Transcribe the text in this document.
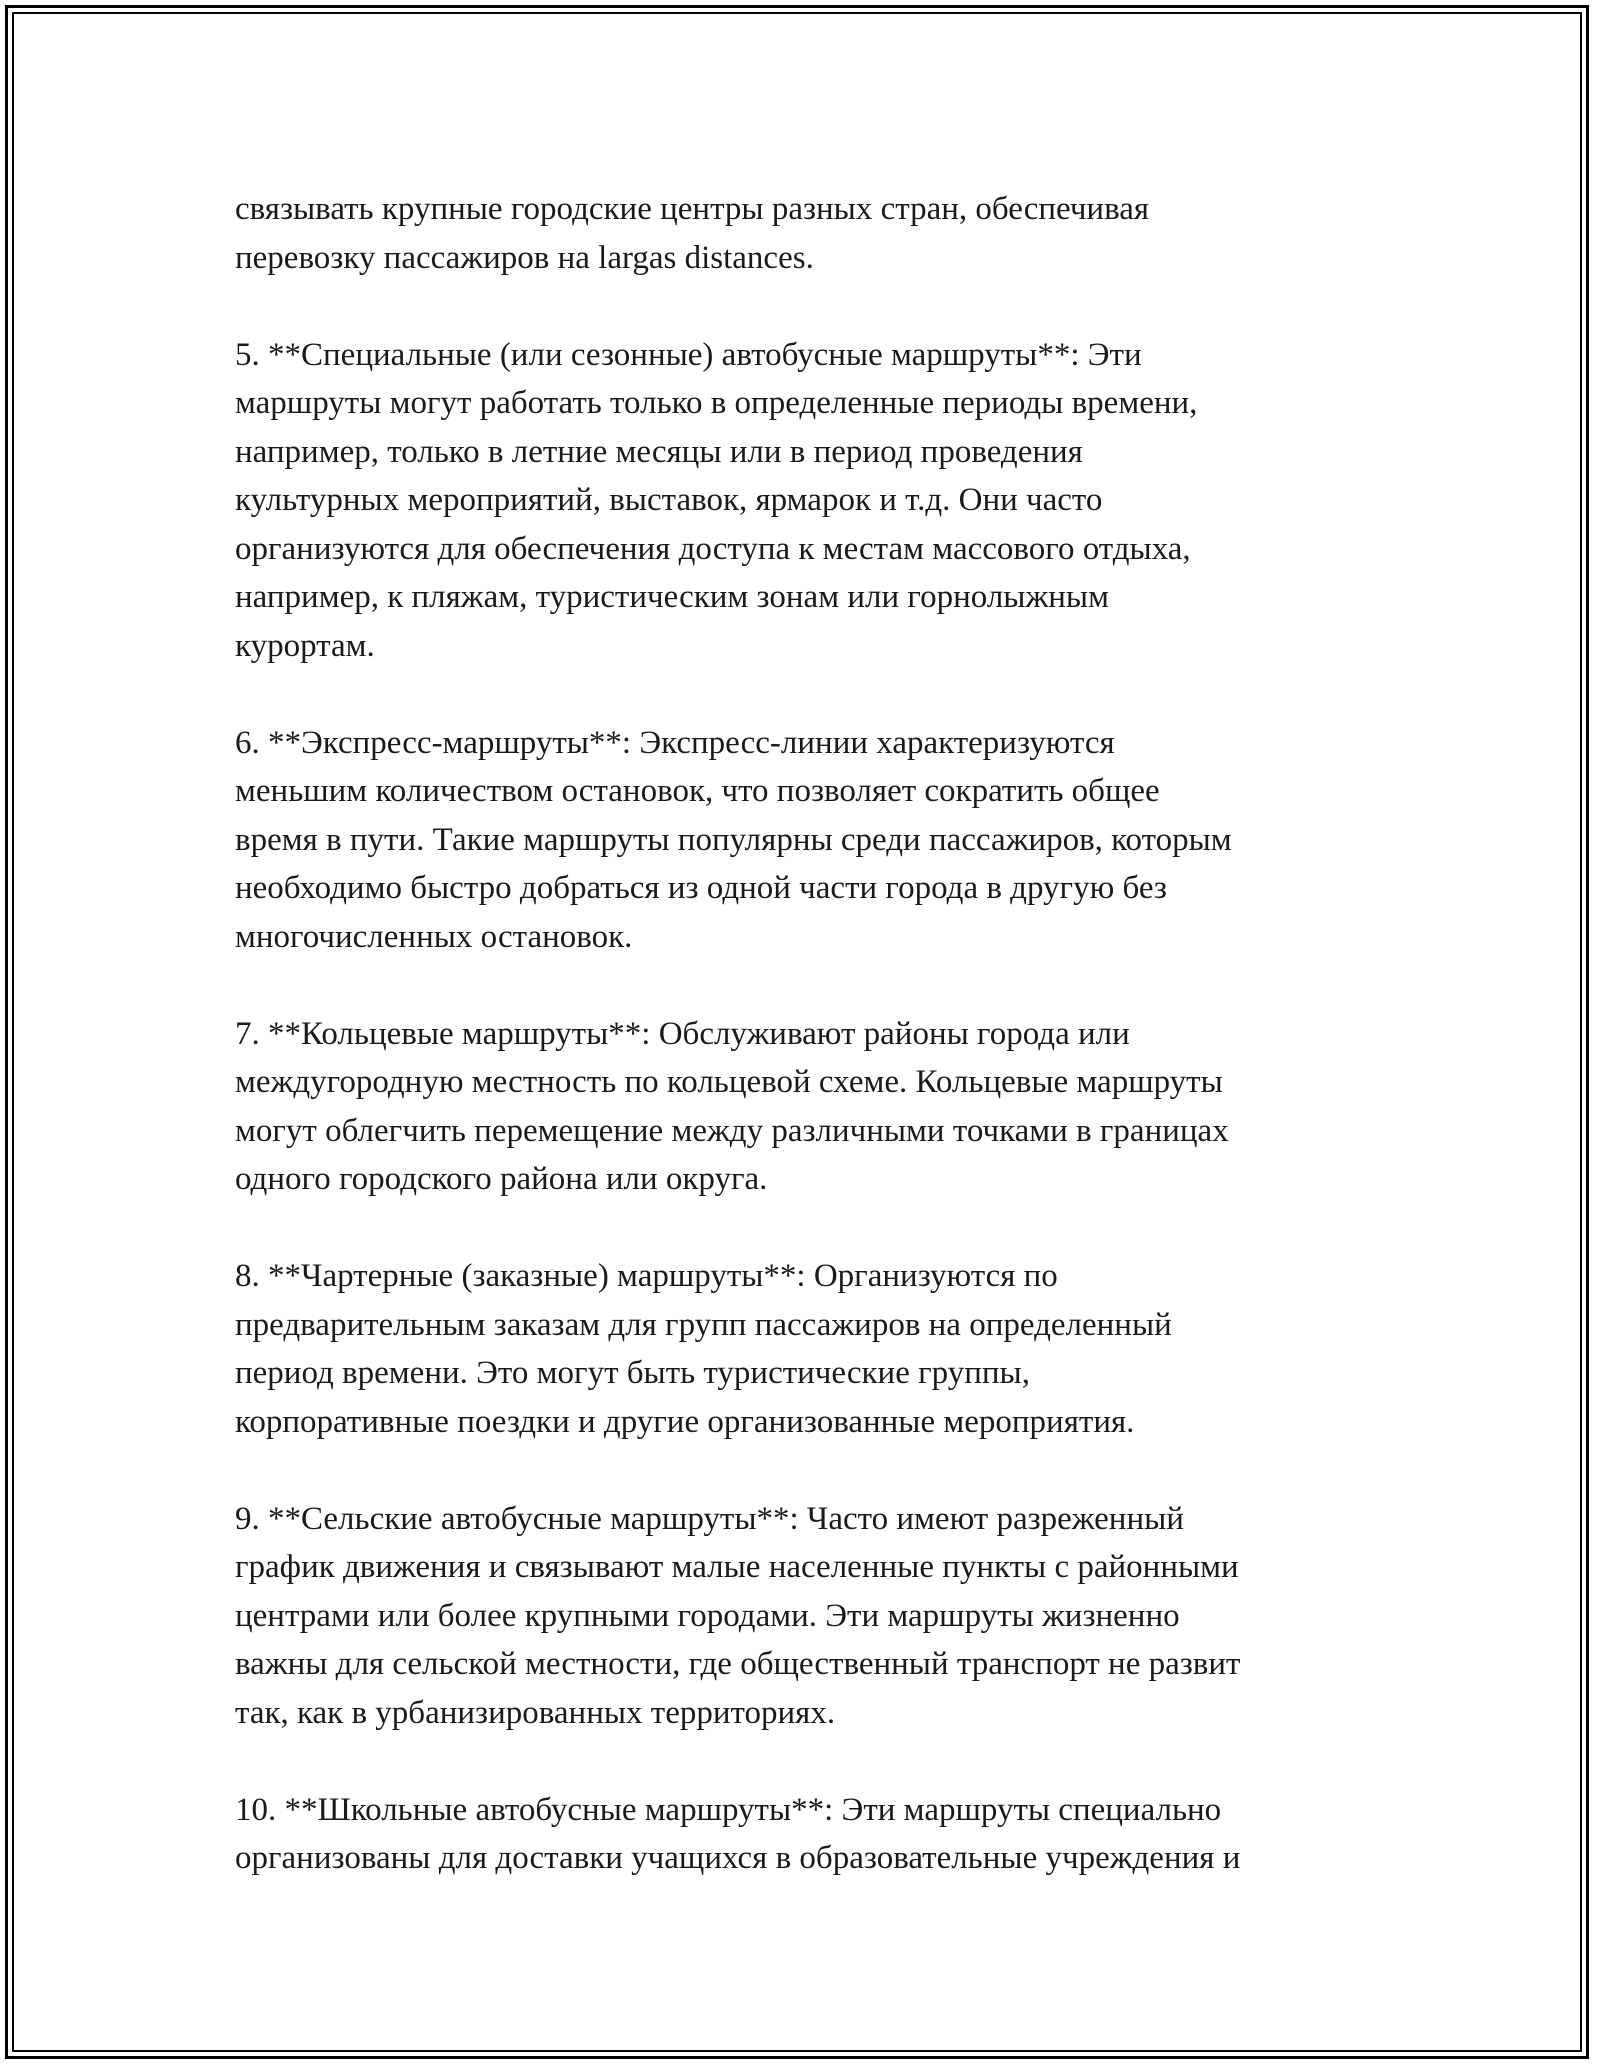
связывать крупные городские центры разных стран, обеспечивая
перевозку пассажиров на largas distances.
5. **Специальные (или сезонные) автобусные маршруты**: Эти
маршруты могут работать только в определенные периоды времени,
например, только в летние месяцы или в период проведения
культурных мероприятий, выставок, ярмарок и т.д. Они часто
организуются для обеспечения доступа к местам массового отдыха,
например, к пляжам, туристическим зонам или горнолыжным
курортам.
6. **Экспресс-маршруты**: Экспресс-линии характеризуются
меньшим количеством остановок, что позволяет сократить общее
время в пути. Такие маршруты популярны среди пассажиров, которым
необходимо быстро добраться из одной части города в другую без
многочисленных остановок.
7. **Кольцевые маршруты**: Обслуживают районы города или
междугородную местность по кольцевой схеме. Кольцевые маршруты
могут облегчить перемещение между различными точками в границах
одного городского района или округа.
8. **Чартерные (заказные) маршруты**: Организуются по
предварительным заказам для групп пассажиров на определенный
период времени. Это могут быть туристические группы,
корпоративные поездки и другие организованные мероприятия.
9. **Сельские автобусные маршруты**: Часто имеют разреженный
график движения и связывают малые населенные пункты с районными
центрами или более крупными городами. Эти маршруты жизненно
важны для сельской местности, где общественный транспорт не развит
так, как в урбанизированных территориях.
10. **Школьные автобусные маршруты**: Эти маршруты специально
организованы для доставки учащихся в образовательные учреждения и
